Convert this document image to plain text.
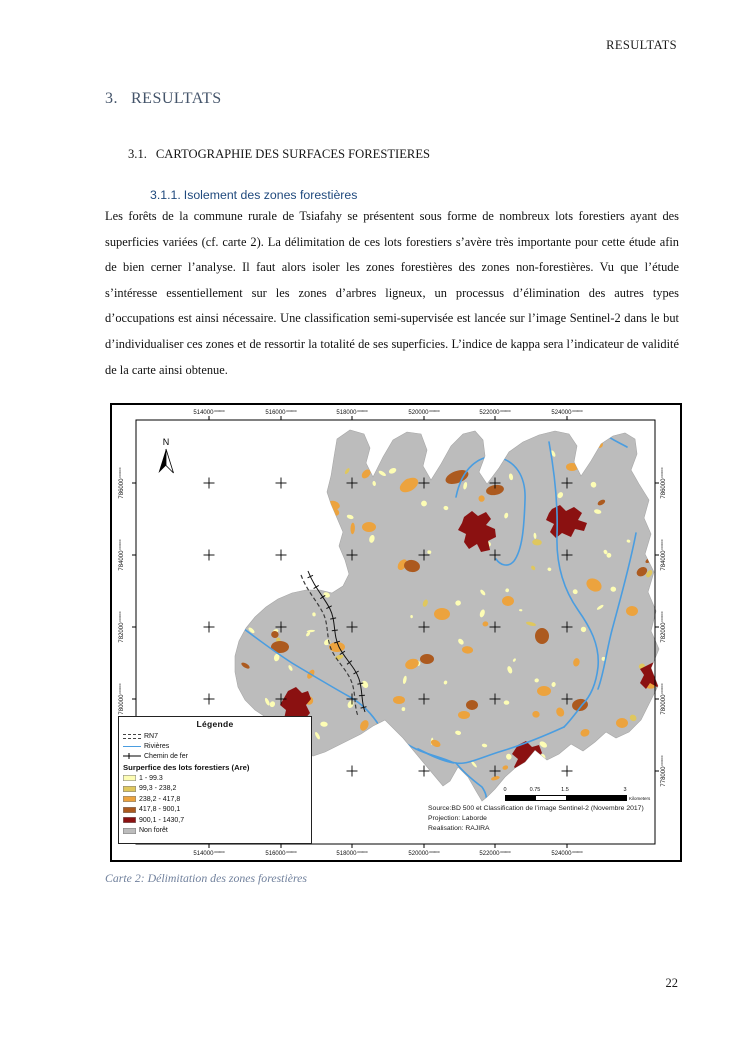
RESULTATS
3. RESULTATS
3.1. CARTOGRAPHIE DES SURFACES FORESTIERES
3.1.1. Isolement des zones forestières
Les forêts de la commune rurale de Tsiafahy se présentent sous forme de nombreux lots forestiers ayant des superficies variées (cf. carte 2). La délimitation de ces lots forestiers s’avère très importante pour cette étude afin de bien cerner l’analyse. Il faut alors isoler les zones forestières des zones non-forestières. Vu que l’étude s’intéresse essentiellement sur les zones d’arbres ligneux, un processus d’élimination des autres types d’occupations est ainsi nécessaire. Une classification semi-supervisée est lancée sur l’image Sentinel-2 dans le but d’individualiser ces zones et de ressortir la totalité de ses superficies. L’indice de kappa sera l’indicateur de validité de la carte ainsi obtenue.
$514000^{,000000}$
$514000^{,000000}$
$516000^{,000000}$
$516000^{,000000}$
$518000^{,000000}$
$518000^{,000000}$
$520000^{,000000}$
$520000^{,000000}$
$522000^{,000000}$
$522000^{,000000}$
$524000^{,000000}$
$524000^{,000000}$
$786000^{,000000}$
$786000^{,000000}$
$784000^{,000000}$
$784000^{,000000}$
$782000^{,000000}$
$782000^{,000000}$
$780000^{,000000}$
$780000^{,000000}$
$778000^{,000000}$
N
Légende
RN7
Rivières
Chemin de fer
Surperfice des lots forestiers (Are)
1 - 99.3
99,3 - 238,2
238,2 - 417,8
417,8 - 900,1
900,1 - 1430,7
Non forêt
0	0.75	1.5	3
Kilometers
Source:BD 500 et Classification de l’image Sentinel-2 (Novembre 2017)
Projection: Laborde
Realisation: RAJIRA
Carte 2: Délimitation des zones forestières
22
